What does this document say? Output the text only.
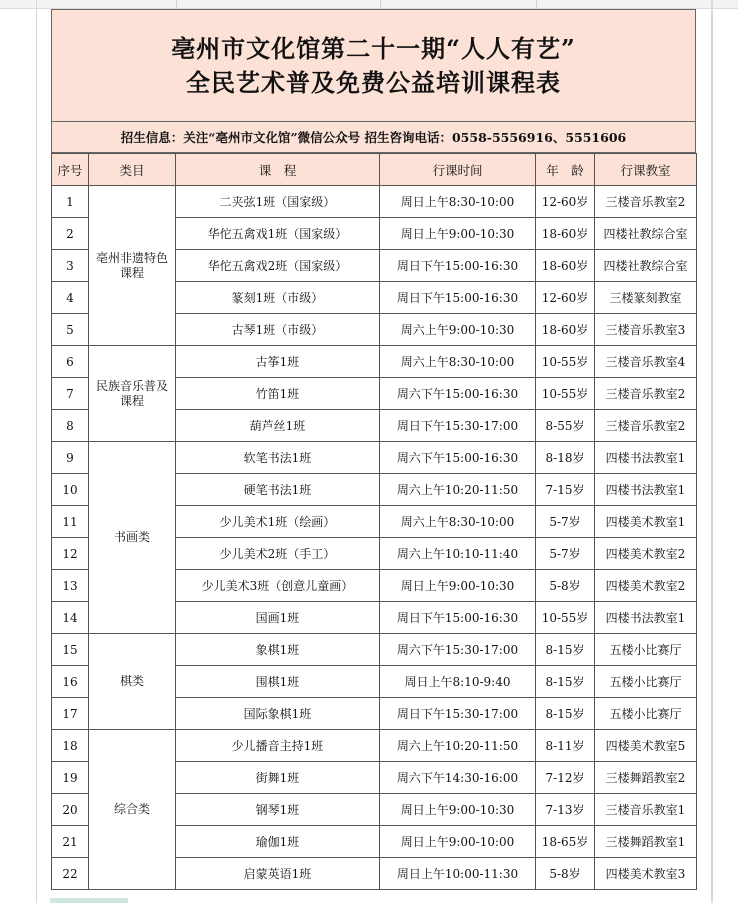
亳州市文化馆第二十一期“人人有艺”
全民艺术普及免费公益培训课程表
招生信息：关注“亳州市文化馆”微信公众号 招生咨询电话：0558-5556916、5551606
序号	类目	课　程	行课时间	年　龄	行课教室
1	亳州非遗特色课程	二夹弦1班（国家级）	周日上午8:30-10:00	12-60岁	三楼音乐教室2
2		华佗五禽戏1班（国家级）	周日上午9:00-10:30	18-60岁	四楼社教综合室
3		华佗五禽戏2班（国家级）	周日下午15:00-16:30	18-60岁	四楼社教综合室
4		篆刻1班（市级）	周日下午15:00-16:30	12-60岁	三楼篆刻教室
5		古琴1班（市级）	周六上午9:00-10:30	18-60岁	三楼音乐教室3
6	民族音乐普及课程	古筝1班	周六上午8:30-10:00	10-55岁	三楼音乐教室4
7		竹笛1班	周六下午15:00-16:30	10-55岁	三楼音乐教室2
8		葫芦丝1班	周日下午15:30-17:00	8-55岁	三楼音乐教室2
9	书画类	软笔书法1班	周六下午15:00-16:30	8-18岁	四楼书法教室1
10		硬笔书法1班	周六上午10:20-11:50	7-15岁	四楼书法教室1
11		少儿美术1班（绘画）	周六上午8:30-10:00	5-7岁	四楼美术教室1
12		少儿美术2班（手工）	周六上午10:10-11:40	5-7岁	四楼美术教室2
13		少儿美术3班（创意儿童画）	周日上午9:00-10:30	5-8岁	四楼美术教室2
14		国画1班	周日下午15:00-16:30	10-55岁	四楼书法教室1
15	棋类	象棋1班	周六下午15:30-17:00	8-15岁	五楼小比赛厅
16		围棋1班	周日上午8:10-9:40	8-15岁	五楼小比赛厅
17		国际象棋1班	周日下午15:30-17:00	8-15岁	五楼小比赛厅
18	综合类	少儿播音主持1班	周六上午10:20-11:50	8-11岁	四楼美术教室5
19		街舞1班	周六下午14:30-16:00	7-12岁	三楼舞蹈教室2
20		钢琴1班	周日上午9:00-10:30	7-13岁	三楼音乐教室1
21		瑜伽1班	周日上午9:00-10:00	18-65岁	三楼舞蹈教室1
22		启蒙英语1班	周日上午10:00-11:30	5-8岁	四楼美术教室3
